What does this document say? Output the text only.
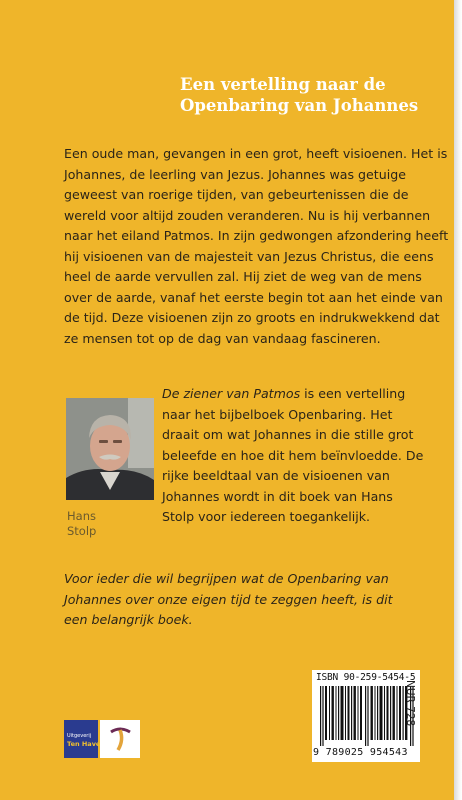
Een vertelling naar de
Openbaring van Johannes
Een oude man, gevangen in een grot, heeft visioenen. Het is
Johannes, de leerling van Jezus. Johannes was getuige
geweest van roerige tijden, van gebeurtenissen die de
wereld voor altijd zouden veranderen. Nu is hij verbannen
naar het eiland Patmos. In zijn gedwongen afzondering heeft
hij visioenen van de majesteit van Jezus Christus, die eens
heel de aarde vervullen zal. Hij ziet de weg van de mens
over de aarde, vanaf het eerste begin tot aan het einde van
de tijd. Deze visioenen zijn zo groots en indrukwekkend dat
ze mensen tot op de dag van vandaag fascineren.
Hans
Stolp
De ziener van Patmos is een vertelling
naar het bijbelboek Openbaring. Het
draait om wat Johannes in die stille grot
beleefde en hoe dit hem beïnvloedde. De
rijke beeldtaal van de visioenen van
Johannes wordt in dit boek van Hans
Stolp voor iedereen toegankelijk.
Voor ieder die wil begrijpen wat de Openbaring van
Johannes over onze eigen tijd te zeggen heeft, is dit
een belangrijk boek.
ISBN 90-259-5454-5
9 789025 954543
NUR 728
Uitgeverij
Ten Have
